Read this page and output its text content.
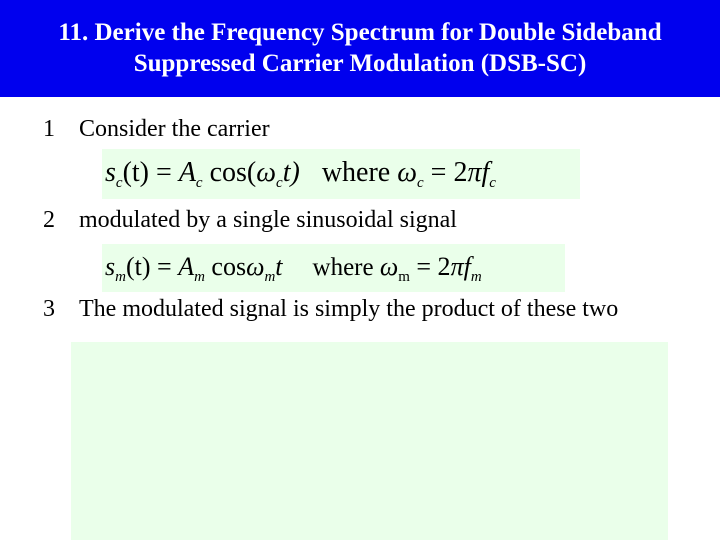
11. Derive the Frequency Spectrum for Double Sideband
Suppressed Carrier Modulation (DSB-SC)
1 Consider the carrier
$s_c(t) = A_c$ $\cos(\omega_ct)$ where $\omega_c = 2\pi f_c$
2 modulated by a single sinusoidal signal
$s_m(t) = A_m$ cosω$_m$t where $\omega_m = 2\pi f_m$
3 The modulated signal is simply the product of these two
